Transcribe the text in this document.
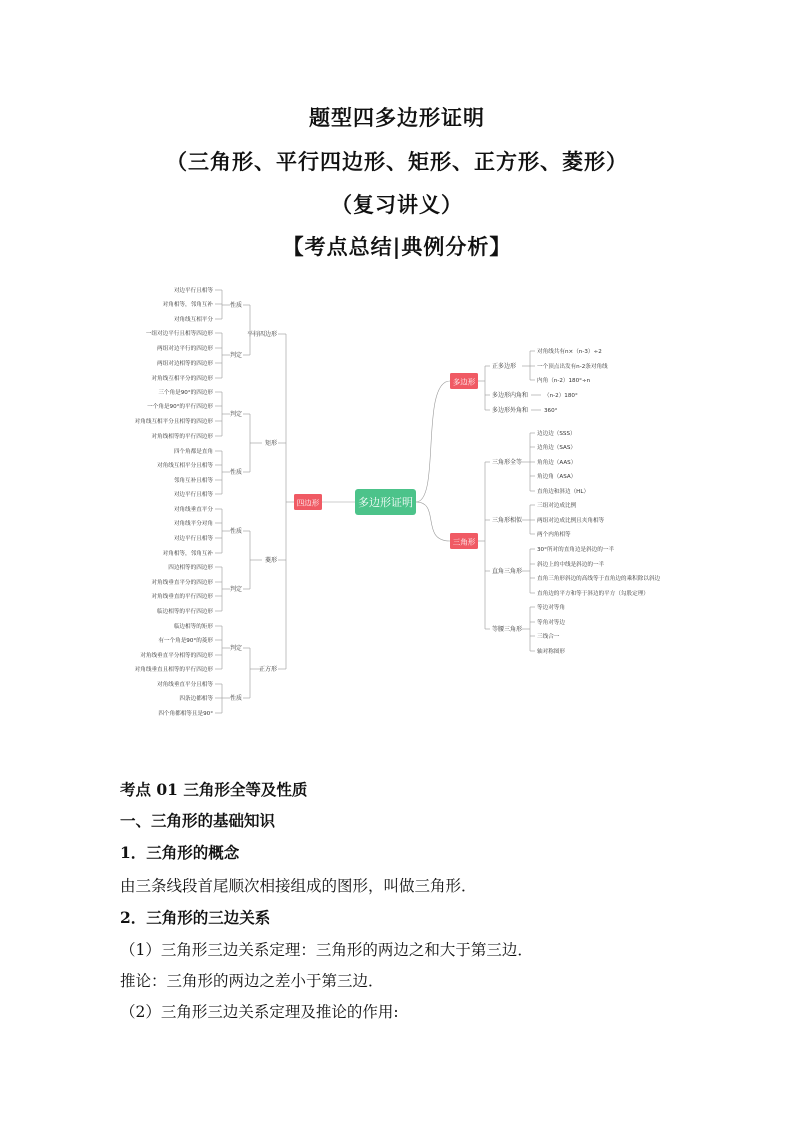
题型四多边形证明
（三角形、平行四边形、矩形、正方形、菱形）
（复习讲义）
【考点总结|典例分析】
多边形证明
四边形
平行四边形
性质
对边平行且相等
对角相等，邻角互补
对角线互相平分
判定
一组对边平行且相等四边形
两组对边平行的四边形
两组对边相等的四边形
对角线互相平分的四边形
矩形
判定
三个角是90°的四边形
一个角是90°的平行四边形
对角线互相平分且相等的四边形
对角线相等的平行四边形
性质
四个角都是直角
对角线互相平分且相等
邻角互补且相等
对边平行且相等
菱形
性质
对角线垂直平分
对角线平分对角
对边平行且相等
对角相等，邻角互补
判定
四边相等的四边形
对角线垂直平分的四边形
对角线垂直的平行四边形
临边相等的平行四边形
正方形
判定
临边相等的矩形
有一个角是90°的菱形
对角线垂直平分相等的四边形
对角线垂直且相等的平行四边形
性质
对角线垂直平分且相等
四条边都相等
四个角都相等且是90°
多边形
正多边形
对角线共有n×（n-3）÷2
一个顶点出发有n-2条对角线
内角（n-2）180°÷n
多边形内角和	（n-2）180°
多边形外角和	360°
三角形
三角形全等
边边边（SSS）
边角边（SAS）
角角边（AAS）
角边角（ASA）
直角边和斜边（HL）
三角形相似
三组对边成比例
两组对边成比例且夹角相等
两个内角相等
直角三角形
30°所对的直角边是斜边的一半
斜边上的中线是斜边的一半
直角三角形斜边的高线等于直角边的乘积除以斜边
直角边的平方和等于斜边的平方（勾股定理）
等腰三角形
等边对等角
等角对等边
三线合一
轴对称图形
考点 01 三角形全等及性质
一、三角形的基础知识
1．三角形的概念
由三条线段首尾顺次相接组成的图形，叫做三角形．
2．三角形的三边关系
（1）三角形三边关系定理：三角形的两边之和大于第三边．
推论：三角形的两边之差小于第三边．
（2）三角形三边关系定理及推论的作用:
